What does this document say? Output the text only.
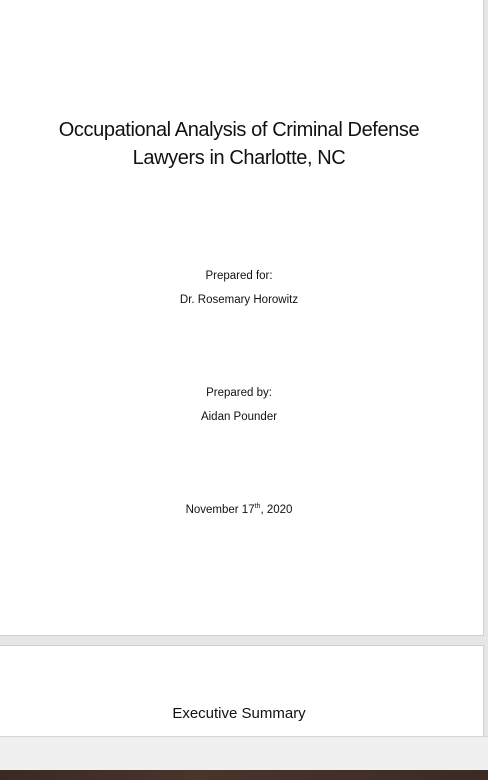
Occupational Analysis of Criminal Defense
Lawyers in Charlotte, NC
Prepared for:
Dr. Rosemary Horowitz
Prepared by:
Aidan Pounder
November 17th, 2020
Executive Summary
